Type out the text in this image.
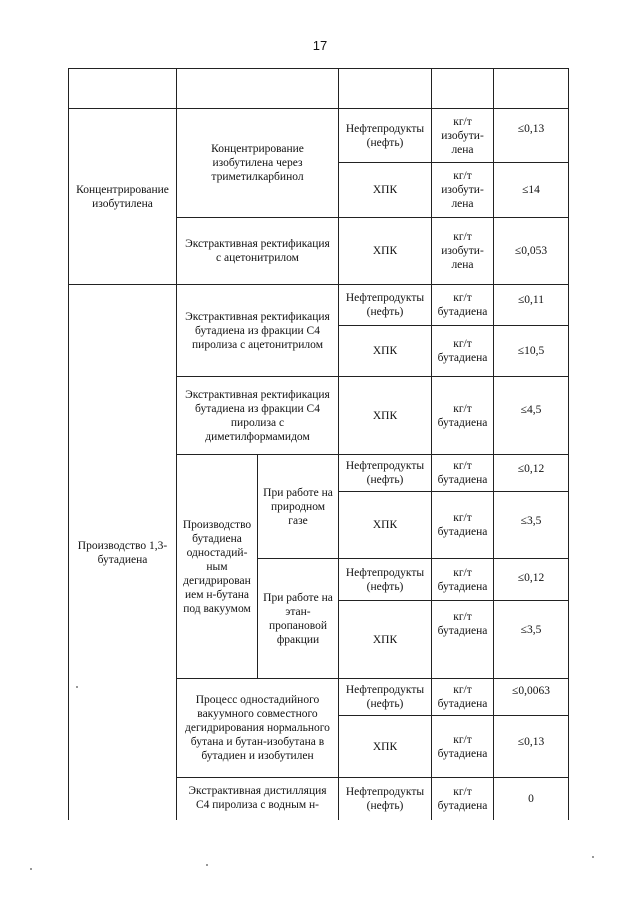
17
Концентрирование
изобутилена
Производство 1,3-
бутадиена
Концентрирование
изобутилена через
триметилкарбинол
Экстрактивная ректификация
с ацетонитрилом
Экстрактивная ректификация
бутадиена из фракции С4
пиролиза с ацетонитрилом
Экстрактивная ректификация
бутадиена из фракции С4
пиролиза с
диметилформамидом
Производство
бутадиена
одностадий-
ным
дегидрирован
ием н-бутана
под вакуумом
При работе на
природном
газе
При работе на
этан-
пропановой
фракции
Процесс одностадийного
вакуумного совместного
дегидрирования нормального
бутана и бутан-изобутана в
бутадиен и изобутилен
Экстрактивная дистилляция
С4 пиролиза с водным н-
Нефтепродукты
(нефть)
ХПК
ХПК
Нефтепродукты
(нефть)
ХПК
ХПК
Нефтепродукты
(нефть)
ХПК
Нефтепродукты
(нефть)
ХПК
Нефтепродукты
(нефть)
ХПК
Нефтепродукты
(нефть)
кг/т
изобути-
лена
кг/т
изобути-
лена
кг/т
изобути-
лена
кг/т
бутадиена
кг/т
бутадиена
кг/т
бутадиена
кг/т
бутадиена
кг/т
бутадиена
кг/т
бутадиена
кг/т
бутадиена
кг/т
бутадиена
кг/т
бутадиена
кг/т
бутадиена
≤0,13
≤14
≤0,053
≤0,11
≤10,5
≤4,5
≤0,12
≤3,5
≤0,12
≤3,5
≤0,0063
≤0,13
0
